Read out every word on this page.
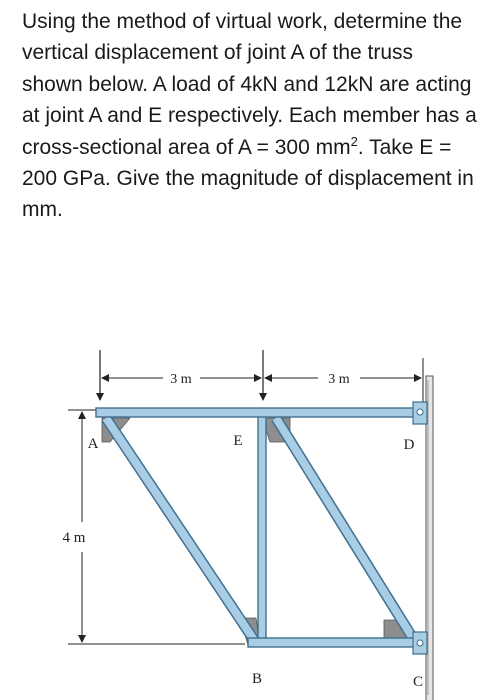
Using the method of virtual work, determine the vertical displacement of joint A of the truss shown below. A load of 4kN and 12kN are acting at joint A and E respectively. Each member has a cross-sectional area of A = 300 $mm^2$. Take E = 200 GPa. Give the magnitude of displacement in mm.
3 m	3 m
4 m
A	E	D
B	C
